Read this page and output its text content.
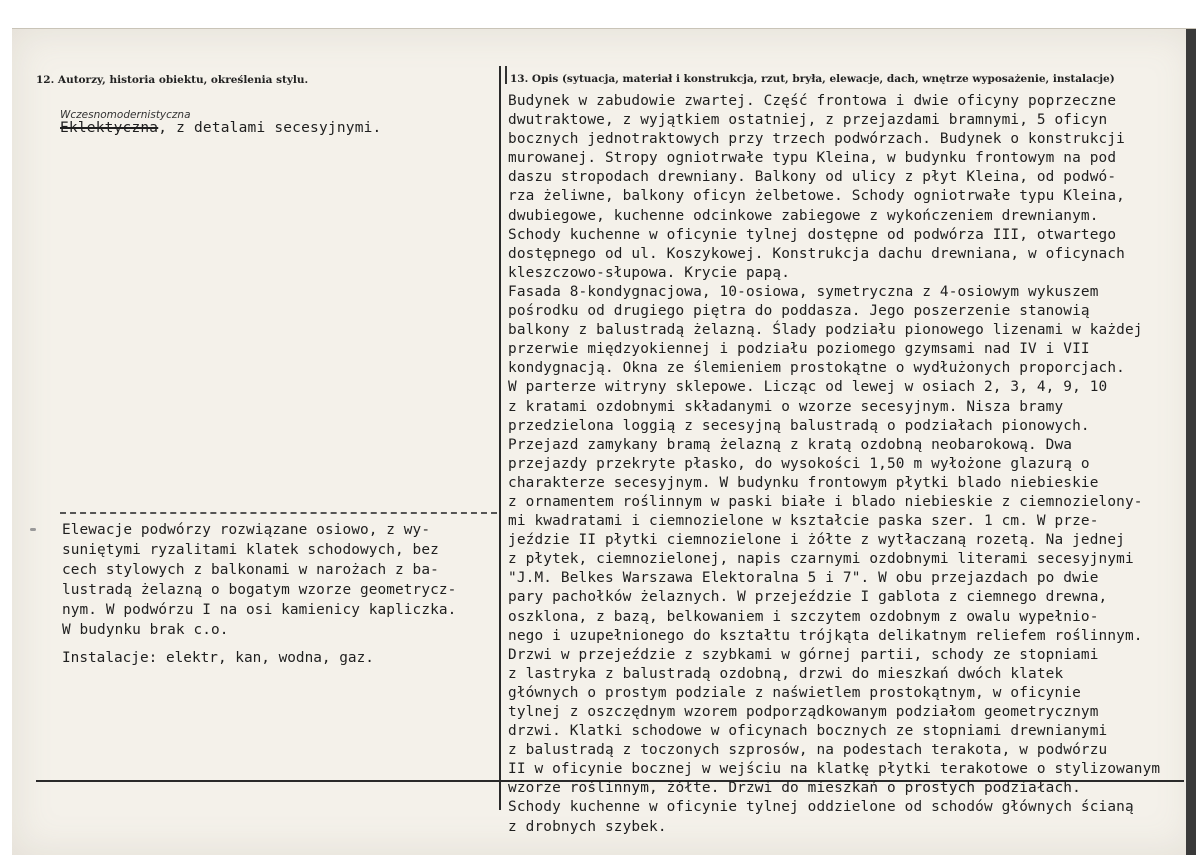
12. Autorzy, historia obiektu, określenia stylu.	13. Opis (sytuacja, materiał i konstrukcja, rzut, bryła, elewacje, dach, wnętrze wyposażenie, instalacje)
Wczesnomodernistyczna
Eklektyczna, z detalami secesyjnymi.
Elewacje podwórzy rozwiązane osiowo, z wy-
suniętymi ryzalitami klatek schodowych, bez
cech stylowych z balkonami w narożach z ba-
lustradą żelazną o bogatym wzorze geometrycz-
nym. W podwórzu I na osi kamienicy kapliczka.
W budynku brak c.o.
Instalacje: elektr, kan, wodna, gaz.
Budynek w zabudowie zwartej. Część frontowa i dwie oficyny poprzeczne
dwutraktowe, z wyjątkiem ostatniej, z przejazdami bramnymi, 5 oficyn
bocznych jednotraktowych przy trzech podwórzach. Budynek o konstrukcji
murowanej. Stropy ogniotrwałe typu Kleina, w budynku frontowym na pod
daszu stropodach drewniany. Balkony od ulicy z płyt Kleina, od podwó-
rza żeliwne, balkony oficyn żelbetowe. Schody ogniotrwałe typu Kleina,
dwubiegowe, kuchenne odcinkowe zabiegowe z wykończeniem drewnianym.
Schody kuchenne w oficynie tylnej dostępne od podwórza III, otwartego
dostępnego od ul. Koszykowej. Konstrukcja dachu drewniana, w oficynach
kleszczowo-słupowa. Krycie papą.
Fasada 8-kondygnacjowa, 10-osiowa, symetryczna z 4-osiowym wykuszem
pośrodku od drugiego piętra do poddasza. Jego poszerzenie stanowią
balkony z balustradą żelazną. Ślady podziału pionowego lizenami w każdej
przerwie międzyokiennej i podziału poziomego gzymsami nad IV i VII
kondygnacją. Okna ze ślemieniem prostokątne o wydłużonych proporcjach.
W parterze witryny sklepowe. Licząc od lewej w osiach 2, 3, 4, 9, 10
z kratami ozdobnymi składanymi o wzorze secesyjnym. Nisza bramy
przedzielona loggią z secesyjną balustradą o podziałach pionowych.
Przejazd zamykany bramą żelazną z kratą ozdobną neobarokową. Dwa
przejazdy przekryte płasko, do wysokości 1,50 m wyłożone glazurą o
charakterze secesyjnym. W budynku frontowym płytki blado niebieskie
z ornamentem roślinnym w paski białe i blado niebieskie z ciemnozielony-
mi kwadratami i ciemnozielone w kształcie paska szer. 1 cm. W prze-
jeździe II płytki ciemnozielone i żółte z wytłaczaną rozetą. Na jednej
z płytek, ciemnozielonej, napis czarnymi ozdobnymi literami secesyjnymi
"J.M. Belkes Warszawa Elektoralna 5 i 7". W obu przejazdach po dwie
pary pachołków żelaznych. W przejeździe I gablota z ciemnego drewna,
oszklona, z bazą, belkowaniem i szczytem ozdobnym z owalu wypełnio-
nego i uzupełnionego do kształtu trójkąta delikatnym reliefem roślinnym.
Drzwi w przejeździe z szybkami w górnej partii, schody ze stopniami
z lastryka z balustradą ozdobną, drzwi do mieszkań dwóch klatek
głównych o prostym podziale z naświetlem prostokątnym, w oficynie
tylnej z oszczędnym wzorem podporządkowanym podziałom geometrycznym
drzwi. Klatki schodowe w oficynach bocznych ze stopniami drewnianymi
z balustradą z toczonych szprosów, na podestach terakota, w podwórzu
II w oficynie bocznej w wejściu na klatkę płytki terakotowe o stylizowanym
wzorze roślinnym, żółte. Drzwi do mieszkań o prostych podziałach.
Schody kuchenne w oficynie tylnej oddzielone od schodów głównych ścianą
z drobnych szybek.
